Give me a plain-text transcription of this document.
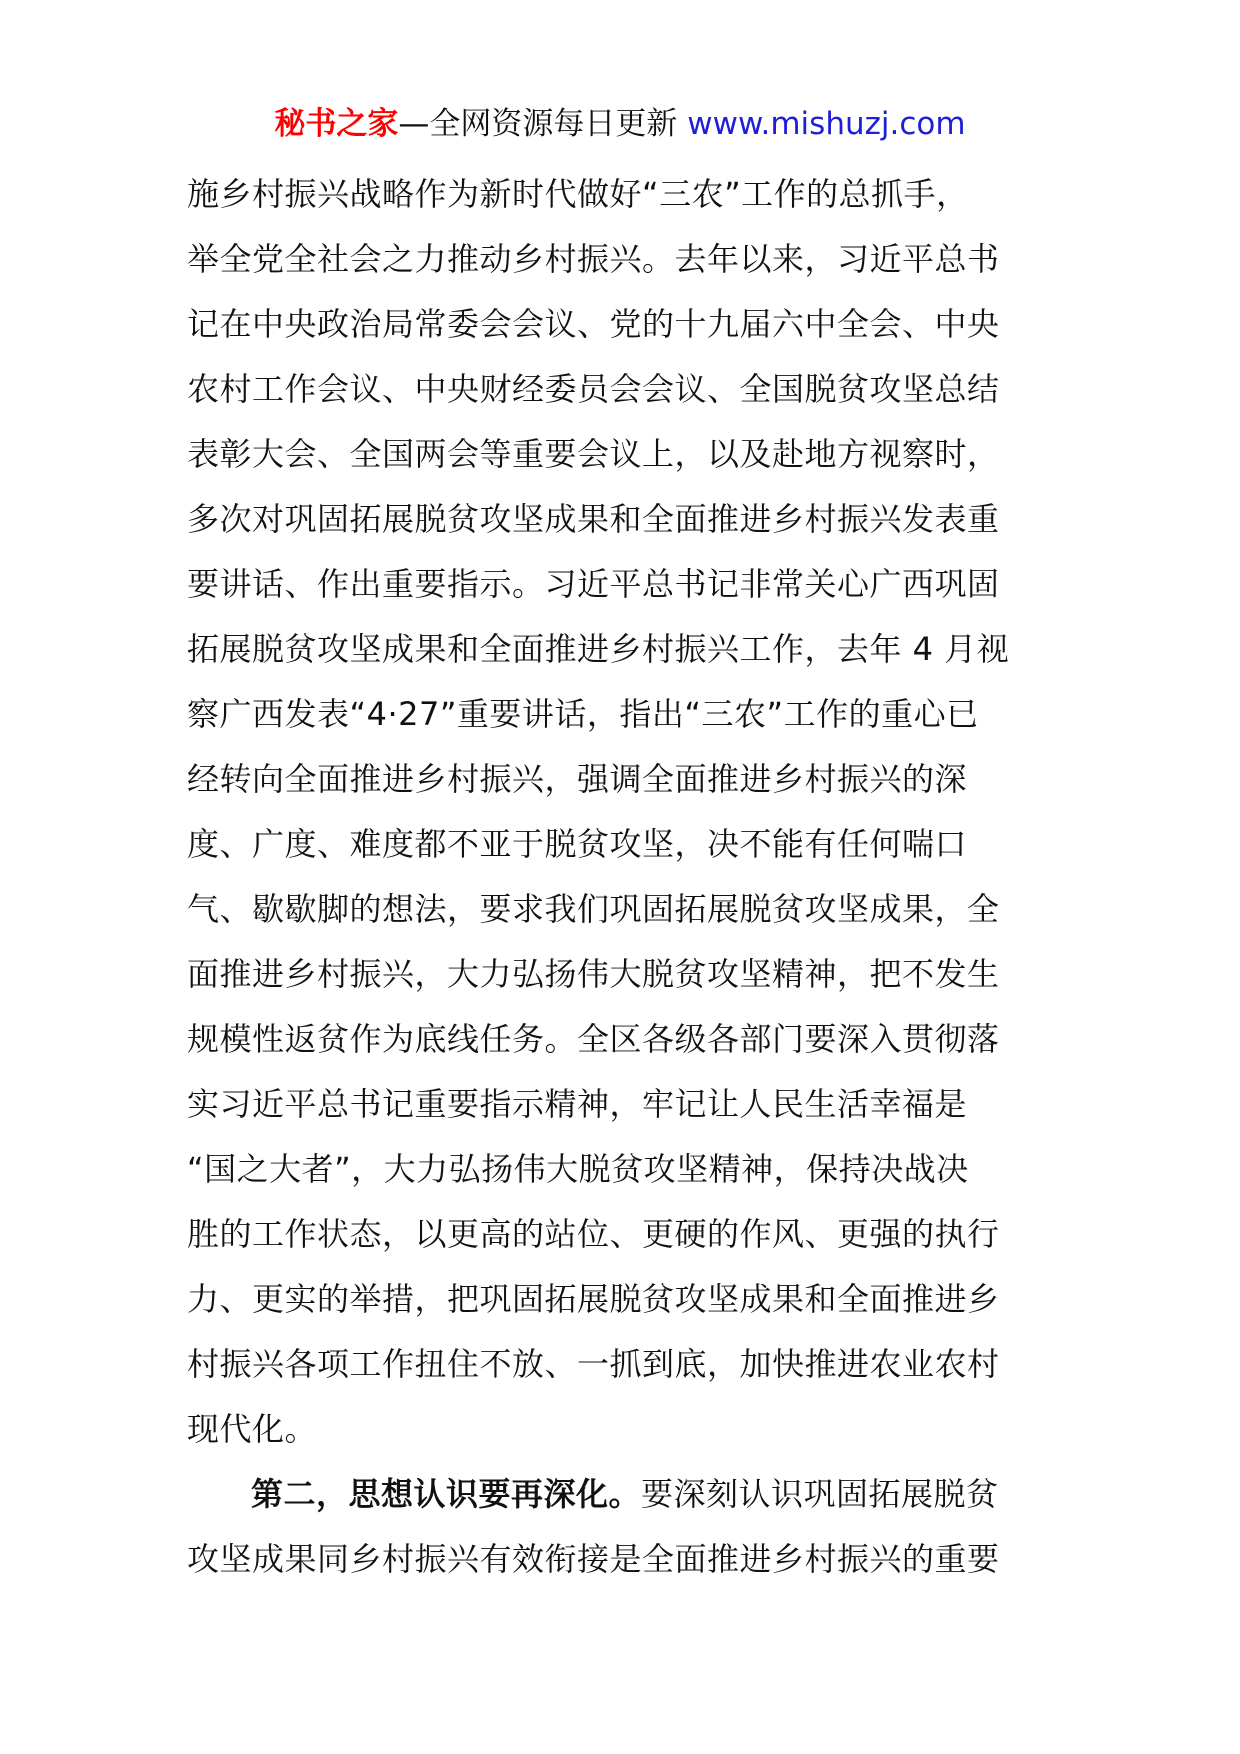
秘书之家—全网资源每日更新 www.mishuzj.com
施乡村振兴战略作为新时代做好“三农”工作的总抓手，
举全党全社会之力推动乡村振兴。去年以来，习近平总书
记在中央政治局常委会会议、党的十九届六中全会、中央
农村工作会议、中央财经委员会会议、全国脱贫攻坚总结
表彰大会、全国两会等重要会议上，以及赴地方视察时，
多次对巩固拓展脱贫攻坚成果和全面推进乡村振兴发表重
要讲话、作出重要指示。习近平总书记非常关心广西巩固
拓展脱贫攻坚成果和全面推进乡村振兴工作，去年 4 月视
察广西发表“4·27”重要讲话，指出“三农”工作的重心已
经转向全面推进乡村振兴，强调全面推进乡村振兴的深
度、广度、难度都不亚于脱贫攻坚，决不能有任何喘口
气、歇歇脚的想法，要求我们巩固拓展脱贫攻坚成果，全
面推进乡村振兴，大力弘扬伟大脱贫攻坚精神，把不发生
规模性返贫作为底线任务。全区各级各部门要深入贯彻落
实习近平总书记重要指示精神，牢记让人民生活幸福是
“国之大者”，大力弘扬伟大脱贫攻坚精神，保持决战决
胜的工作状态，以更高的站位、更硬的作风、更强的执行
力、更实的举措，把巩固拓展脱贫攻坚成果和全面推进乡
村振兴各项工作扭住不放、一抓到底，加快推进农业农村
现代化。
第二，思想认识要再深化。要深刻认识巩固拓展脱贫
攻坚成果同乡村振兴有效衔接是全面推进乡村振兴的重要
